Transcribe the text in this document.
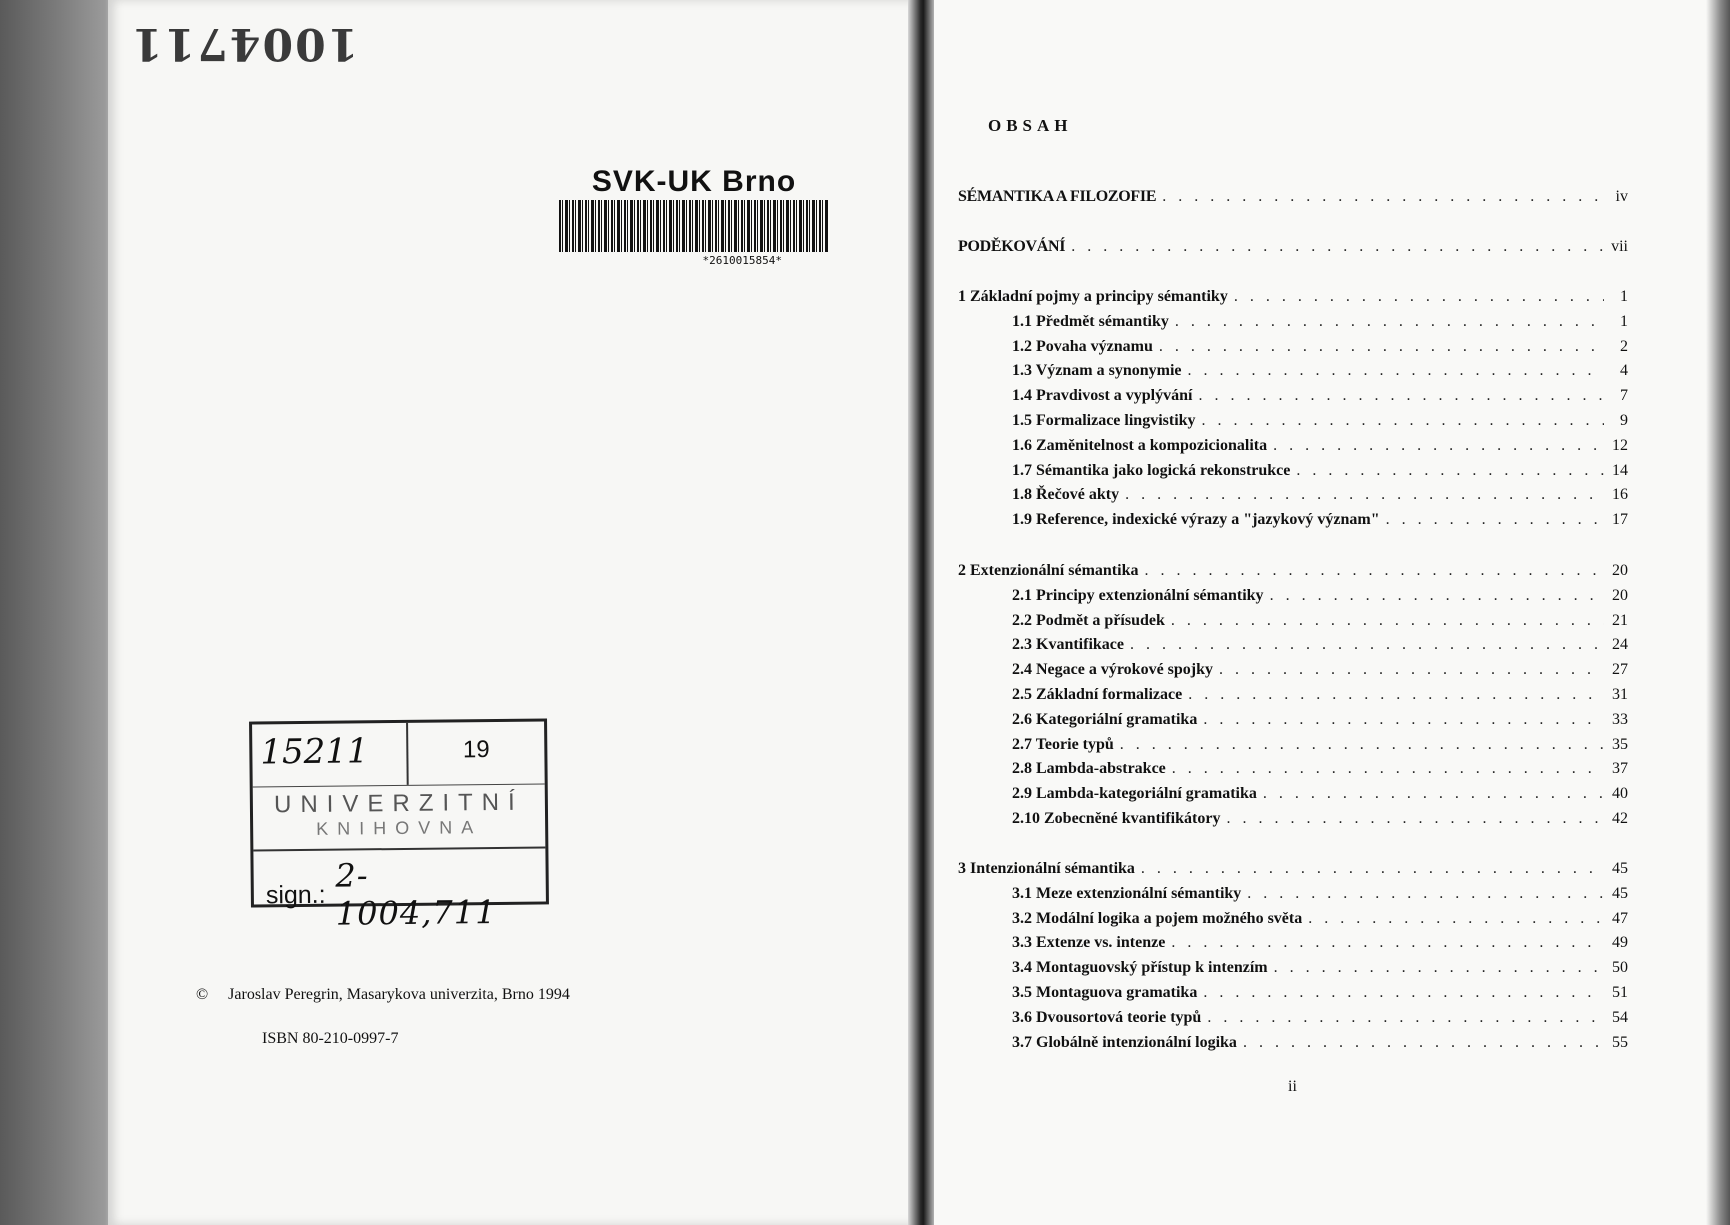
1004711
SVK-UK Brno
*2610015854*
15211	19
UNIVERZITNÍ
KNIHOVNA
sign.: 2- 1004,711
© Jaroslav Peregrin, Masarykova univerzita, Brno 1994
ISBN 80-210-0997-7
OBSAH
SÉMANTIKA A FILOZOFIE . . .	iv
PODĚKOVÁNÍ . . .	vii
1 Základní pojmy a principy sémantiky . . .	1
1.1 Předmět sémantiky . . .	1
1.2 Povaha významu . . .	2
1.3 Význam a synonymie . . .	4
1.4 Pravdivost a vyplývání . . .	7
1.5 Formalizace lingvistiky . . .	9
1.6 Zaměnitelnost a kompozicionalita . . .	12
1.7 Sémantika jako logická rekonstrukce . . .	14
1.8 Řečové akty . . .	16
1.9 Reference, indexické výrazy a "jazykový význam" . . .	17
2 Extenzionální sémantika . . .	20
2.1 Principy extenzionální sémantiky . . .	20
2.2 Podmět a přísudek . . .	21
2.3 Kvantifikace . . .	24
2.4 Negace a výrokové spojky . . .	27
2.5 Základní formalizace . . .	31
2.6 Kategoriální gramatika . . .	33
2.7 Teorie typů . . .	35
2.8 Lambda-abstrakce . . .	37
2.9 Lambda-kategoriální gramatika . . .	40
2.10 Zobecněné kvantifikátory . . .	42
3 Intenzionální sémantika . . .	45
3.1 Meze extenzionální sémantiky . . .	45
3.2 Modální logika a pojem možného světa . . .	47
3.3 Extenze vs. intenze . . .	49
3.4 Montaguovský přístup k intenzím . . .	50
3.5 Montaguova gramatika . . .	51
3.6 Dvousortová teorie typů . . .	54
3.7 Globálně intenzionální logika . . .	55
ii
